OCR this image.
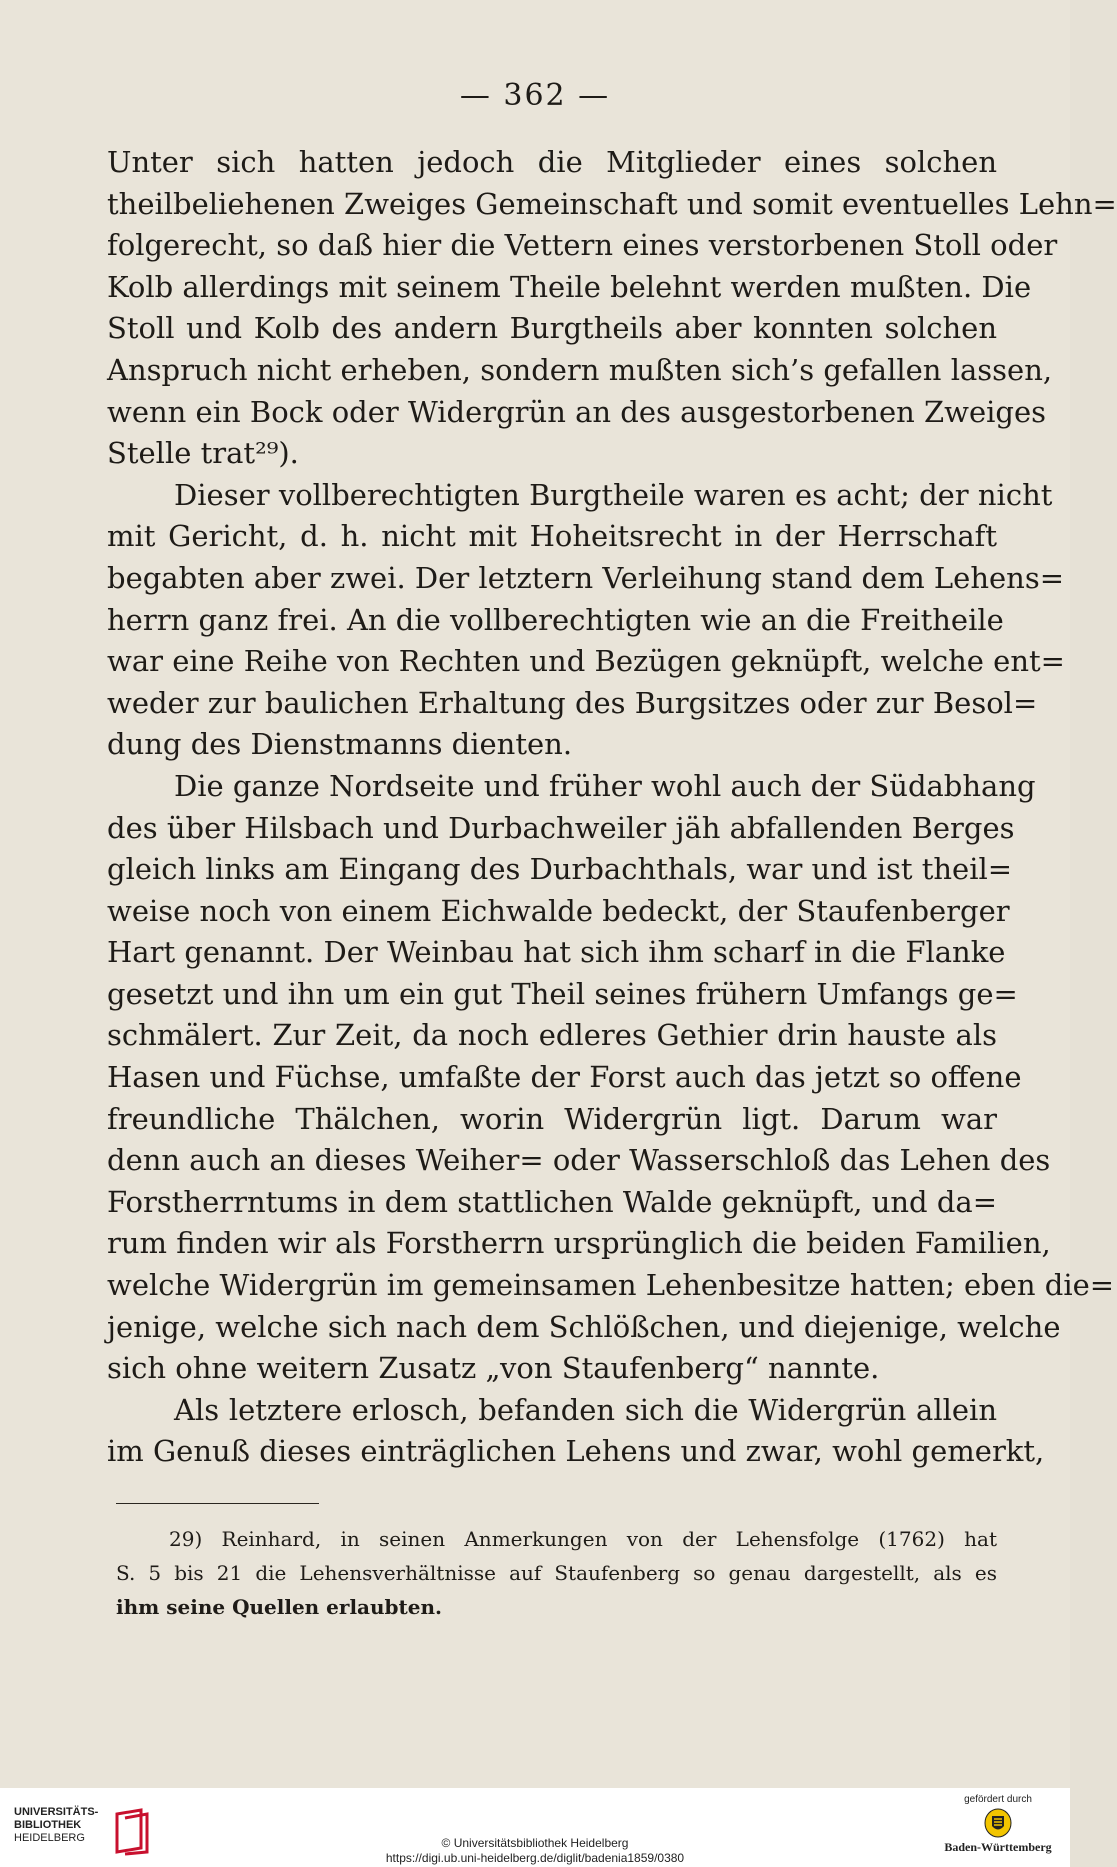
— 362 —
Unter sich hatten jedoch die Mitglieder eines solchen
theilbeliehenen Zweiges Gemeinschaft und somit eventuelles Lehn=
folgerecht, so daß hier die Vettern eines verstorbenen Stoll oder
Kolb allerdings mit seinem Theile belehnt werden mußten. Die
Stoll und Kolb des andern Burgtheils aber konnten solchen
Anspruch nicht erheben, sondern mußten sich’s gefallen lassen,
wenn ein Bock oder Widergrün an des ausgestorbenen Zweiges
Stelle trat²⁹).
Dieser vollberechtigten Burgtheile waren es acht; der nicht
mit Gericht, d. h. nicht mit Hoheitsrecht in der Herrschaft
begabten aber zwei. Der letztern Verleihung stand dem Lehens=
herrn ganz frei. An die vollberechtigten wie an die Freitheile
war eine Reihe von Rechten und Bezügen geknüpft, welche ent=
weder zur baulichen Erhaltung des Burgsitzes oder zur Besol=
dung des Dienstmanns dienten.
Die ganze Nordseite und früher wohl auch der Südabhang
des über Hilsbach und Durbachweiler jäh abfallenden Berges
gleich links am Eingang des Durbachthals, war und ist theil=
weise noch von einem Eichwalde bedeckt, der Staufenberger
Hart genannt. Der Weinbau hat sich ihm scharf in die Flanke
gesetzt und ihn um ein gut Theil seines frühern Umfangs ge=
schmälert. Zur Zeit, da noch edleres Gethier drin hauste als
Hasen und Füchse, umfaßte der Forst auch das jetzt so offene
freundliche Thälchen, worin Widergrün ligt. Darum war
denn auch an dieses Weiher= oder Wasserschloß das Lehen des
Forstherrntums in dem stattlichen Walde geknüpft, und da=
rum finden wir als Forstherrn ursprünglich die beiden Familien,
welche Widergrün im gemeinsamen Lehenbesitze hatten; eben die=
jenige, welche sich nach dem Schlößchen, und diejenige, welche
sich ohne weitern Zusatz „von Staufenberg“ nannte.
Als letztere erlosch, befanden sich die Widergrün allein
im Genuß dieses einträglichen Lehens und zwar, wohl gemerkt,
29) Reinhard, in seinen Anmerkungen von der Lehensfolge (1762) hat
S. 5 bis 21 die Lehensverhältnisse auf Staufenberg so genau dargestellt, als es
ihm seine Quellen erlaubten.
UNIVERSITÄTS-
BIBLIOTHEK
HEIDELBERG	© Universitätsbibliothek Heidelberg
https://digi.ub.uni-heidelberg.de/diglit/badenia1859/0380
gefördert durch
Baden-Württemberg
